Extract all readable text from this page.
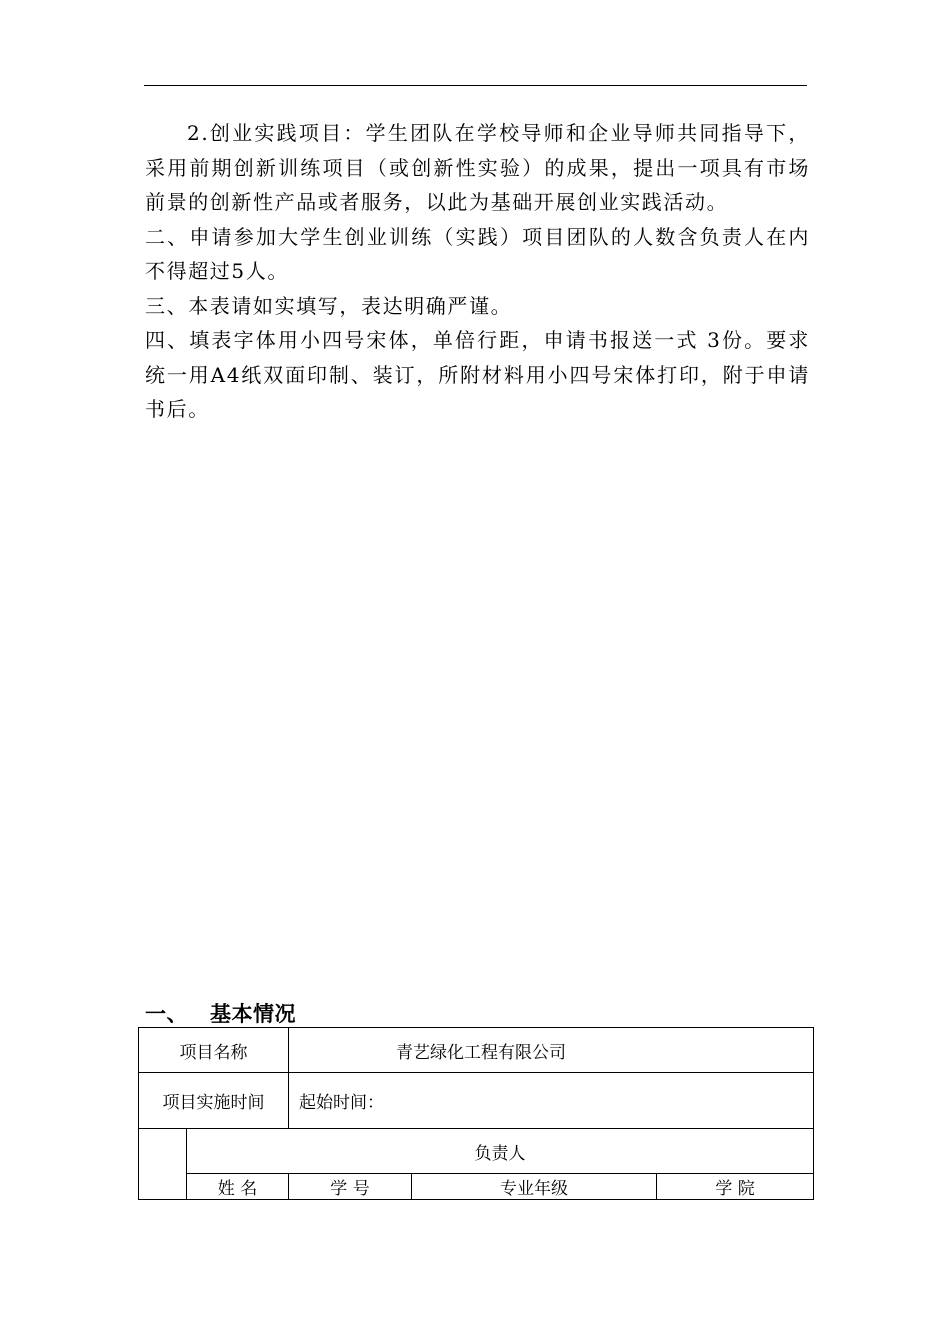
2.创业实践项目：学生团队在学校导师和企业导师共同指导下，采用前期创新训练项目（或创新性实验）的成果，提出一项具有市场前景的创新性产品或者服务，以此为基础开展创业实践活动。

二、申请参加大学生创业训练（实践）项目团队的人数含负责人在内不得超过5人。

三、本表请如实填写，表达明确严谨。

四、填表字体用小四号宋体，单倍行距，申请书报送一式 3份。要求统一用A4纸双面印制、装订，所附材料用小四号宋体打印，附于申请书后。

一、 基本情况
项目名称		青艺绿化工程有限公司		
项目实施时间		起始时间：		
	负责人			
	姓 名	学 号	专业年级	学 院
